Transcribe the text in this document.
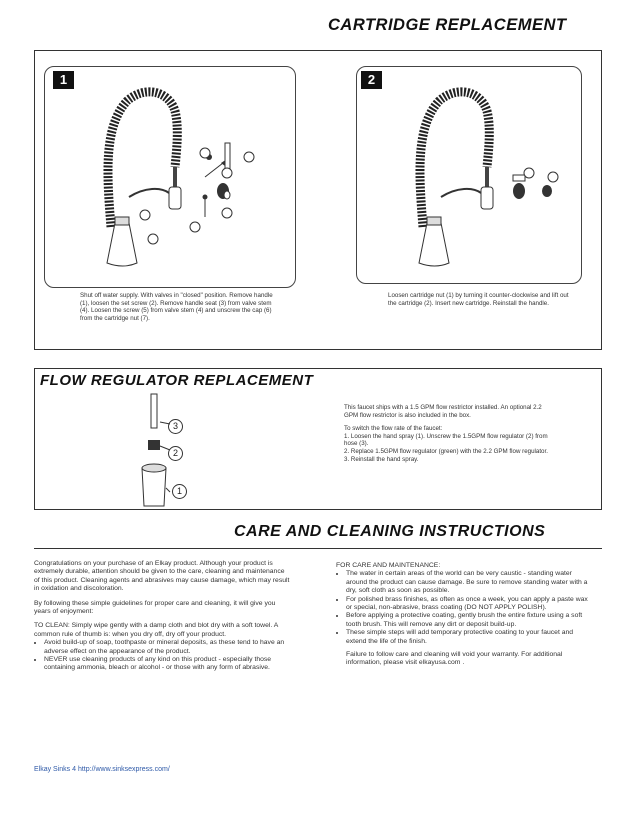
CARTRIDGE REPLACEMENT
1
Shut off water supply. With valves in "closed" position. Remove handle (1), loosen the set screw (2). Remove handle seat (3) from valve stem (4). Loosen the screw (5) from valve stem (4) and unscrew the cap (6) from the cartridge nut (7).
2
Loosen cartridge nut (1) by turning it counter-clockwise and lift out the cartridge (2). Insert new cartridge. Reinstall the handle.
FLOW REGULATOR REPLACEMENT
3
2
1
This faucet ships with a 1.5 GPM flow restrictor installed. An optional 2.2 GPM flow restrictor is also included in the box.
To switch the flow rate of the faucet:
1. Loosen the hand spray (1). Unscrew the 1.5GPM flow regulator (2) from hose (3).
2. Replace 1.5GPM flow regulator (green) with the 2.2 GPM flow regulator.
3. Reinstall the hand spray.
CARE AND CLEANING INSTRUCTIONS

Congratulations on your purchase of an Elkay product. Although your product is extremely durable, attention should be given to the care, cleaning and maintenance of this product. Cleaning agents and abrasives may cause damage, which may result in oxidation and discoloration.

By following these simple guidelines for proper care and cleaning, it will give you years of enjoyment:

TO CLEAN: Simply wipe gently with a damp cloth and blot dry with a soft towel. A common rule of thumb is: when you dry off, dry off your product.

• Avoid build-up of soap, toothpaste or mineral deposits, as these tend to have an adverse effect on the appearance of the product.
• NEVER use cleaning products of any kind on this product - especially those containing ammonia, bleach or alcohol - or those with any form of abrasive.
FOR CARE AND MAINTENANCE:
• The water in certain areas of the world can be very caustic - standing water around the product can cause damage. Be sure to remove standing water with a dry, soft cloth as soon as possible.
• For polished brass finishes, as often as once a week, you can apply a paste wax or special, non-abrasive, brass coating (DO NOT APPLY POLISH).
• Before applying a protective coating, gently brush the entire fixture using a soft tooth brush. This will remove any dirt or deposit build-up.
• These simple steps will add temporary protective coating to your faucet and extend the life of the finish.
Failure to follow care and cleaning will void your warranty. For additional information, please visit elkayusa.com .
Elkay Sinks 4 http://www.sinksexpress.com/
